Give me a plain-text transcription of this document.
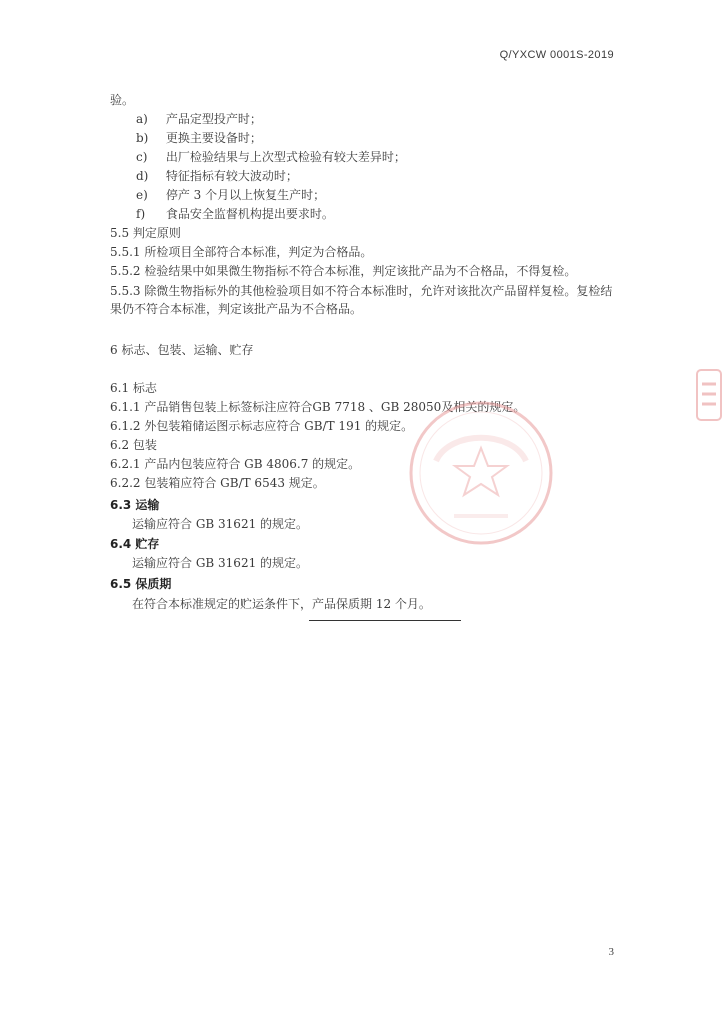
Q/YXCW 0001S-2019
验。
a) 产品定型投产时；
b) 更换主要设备时；
c) 出厂检验结果与上次型式检验有较大差异时；
d) 特征指标有较大波动时；
e) 停产 3 个月以上恢复生产时；
f) 食品安全监督机构提出要求时。
5.5 判定原则
5.5.1 所检项目全部符合本标准，判定为合格品。
5.5.2 检验结果中如果微生物指标不符合本标准，判定该批产品为不合格品，不得复检。
5.5.3 除微生物指标外的其他检验项目如不符合本标准时，允许对该批次产品留样复检。复检结果仍不符合本标准，判定该批产品为不合格品。
6 标志、包装、运输、贮存
6.1 标志
6.1.1 产品销售包装上标签标注应符合GB 7718 、GB 28050及相关的规定。
6.1.2 外包装箱储运图示标志应符合 GB/T 191 的规定。
6.2 包装
6.2.1 产品内包装应符合 GB 4806.7 的规定。
6.2.2 包装箱应符合 GB/T 6543 规定。
6.3 运输
运输应符合 GB 31621 的规定。
6.4 贮存
运输应符合 GB 31621 的规定。
6.5 保质期
在符合本标准规定的贮运条件下，产品保质期 12 个月。
3
